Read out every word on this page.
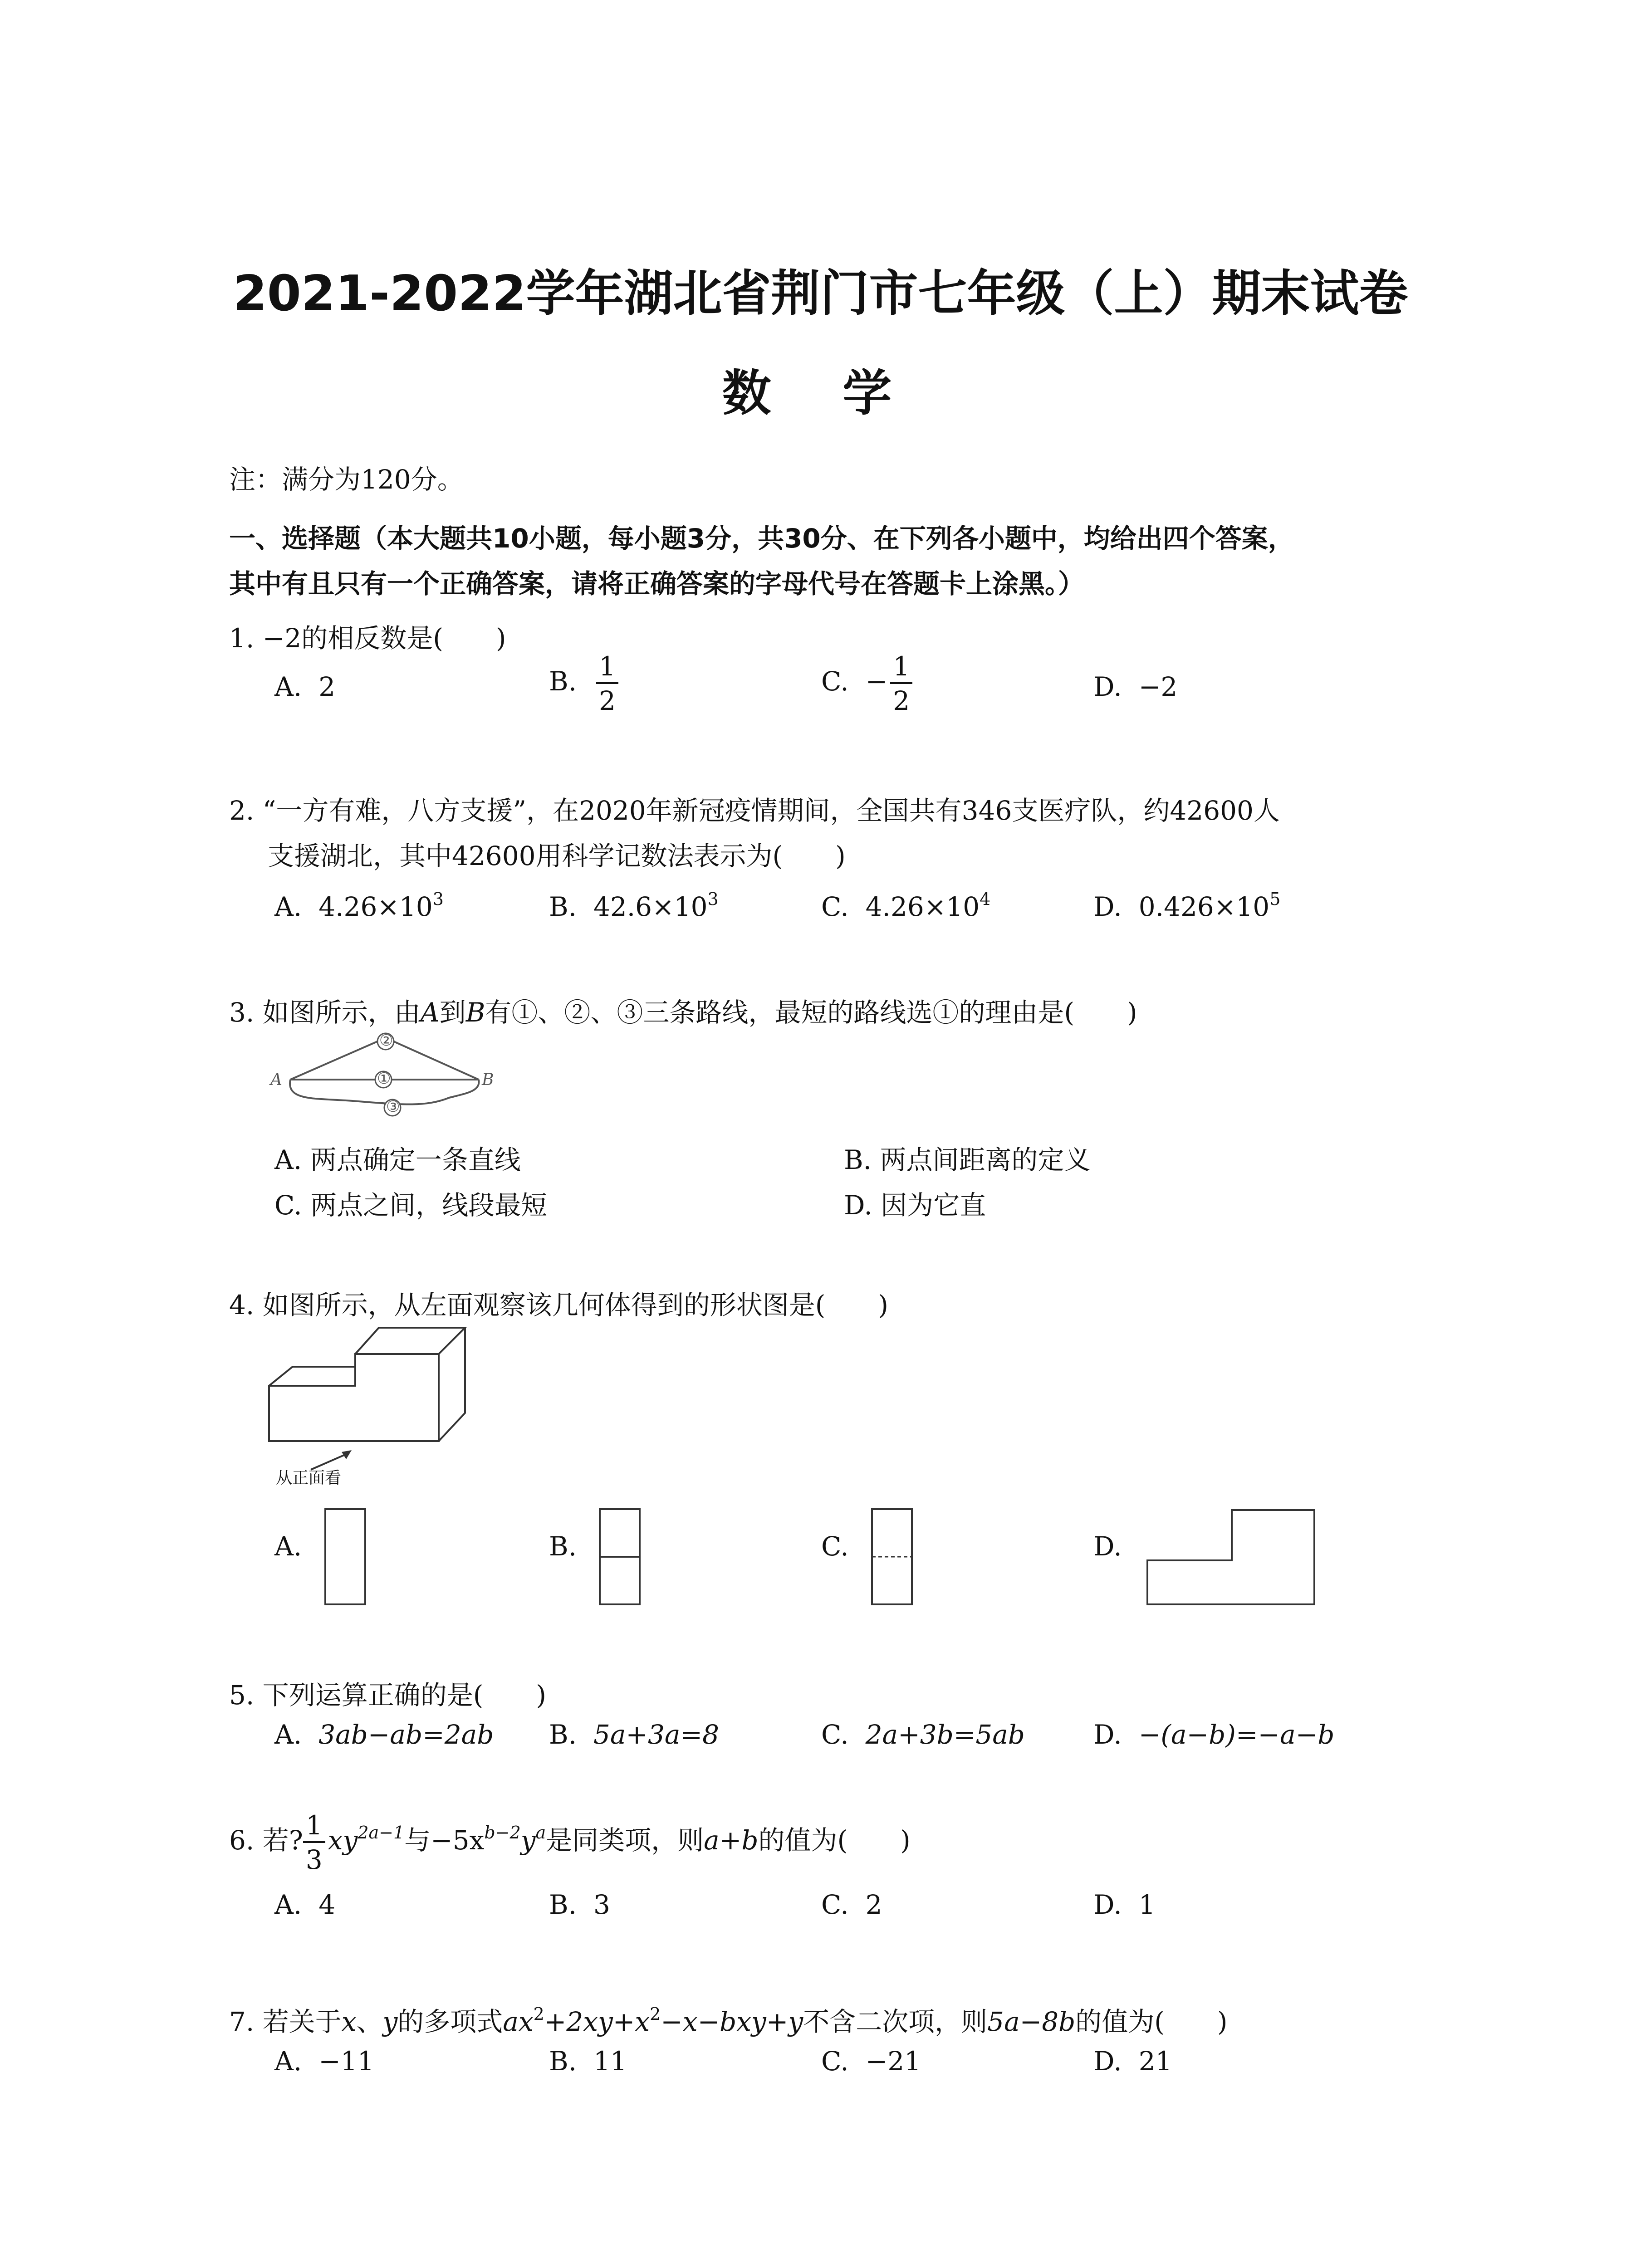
2021-2022学年湖北省荆门市七年级（上）期末试卷
数 学
注：满分为120分。
一、选择题（本大题共10小题，每小题3分，共30分、在下列各小题中，均给出四个答案，
其中有且只有一个正确答案，请将正确答案的字母代号在答题卡上涂黑。）
1. −2的相反数是(　　)
A. 2	B. $\frac{1}{2}$	C. − $\frac{1}{2}$	D. −2
2. “一方有难，八方支援”，在2020年新冠疫情期间，全国共有346支医疗队，约42600人
支援湖北，其中42600用科学记数法表示为(　　)
A. $4.26\times 10^3$	B. $42.6\times 10^3$	C. $4.26\times 10^4$	D. $0.426\times 10^5$
3. 如图所示，由A到B有①、②、③三条路线，最短的路线选①的理由是(　　)
②
①
③
A	B
A. 两点确定一条直线	B. 两点间距离的定义
C. 两点之间，线段最短	D. 因为它直
4. 如图所示，从左面观察该几何体得到的形状图是(　　)
从正面看
A.	B.	C.	D.
5. 下列运算正确的是(　　)
A. 3ab−ab=2ab B. 5a+3a=8	C. 2a+3b=5ab	D. −(a−b)=−a−b
6. 若? $\frac{1}{3} xy^{2a-1}$与$-5x^{b-2}y^a$是同类项，则a+b的值为(　　)
A. 4	B. 3	C. 2	D. 1
7. 若关于x、y的多项式$ax^2+2xy+x^2-x-bxy+y$不含二次项，则5a−8b的值为(　　)
A. −11	B. 11	C. −21	D. 21
